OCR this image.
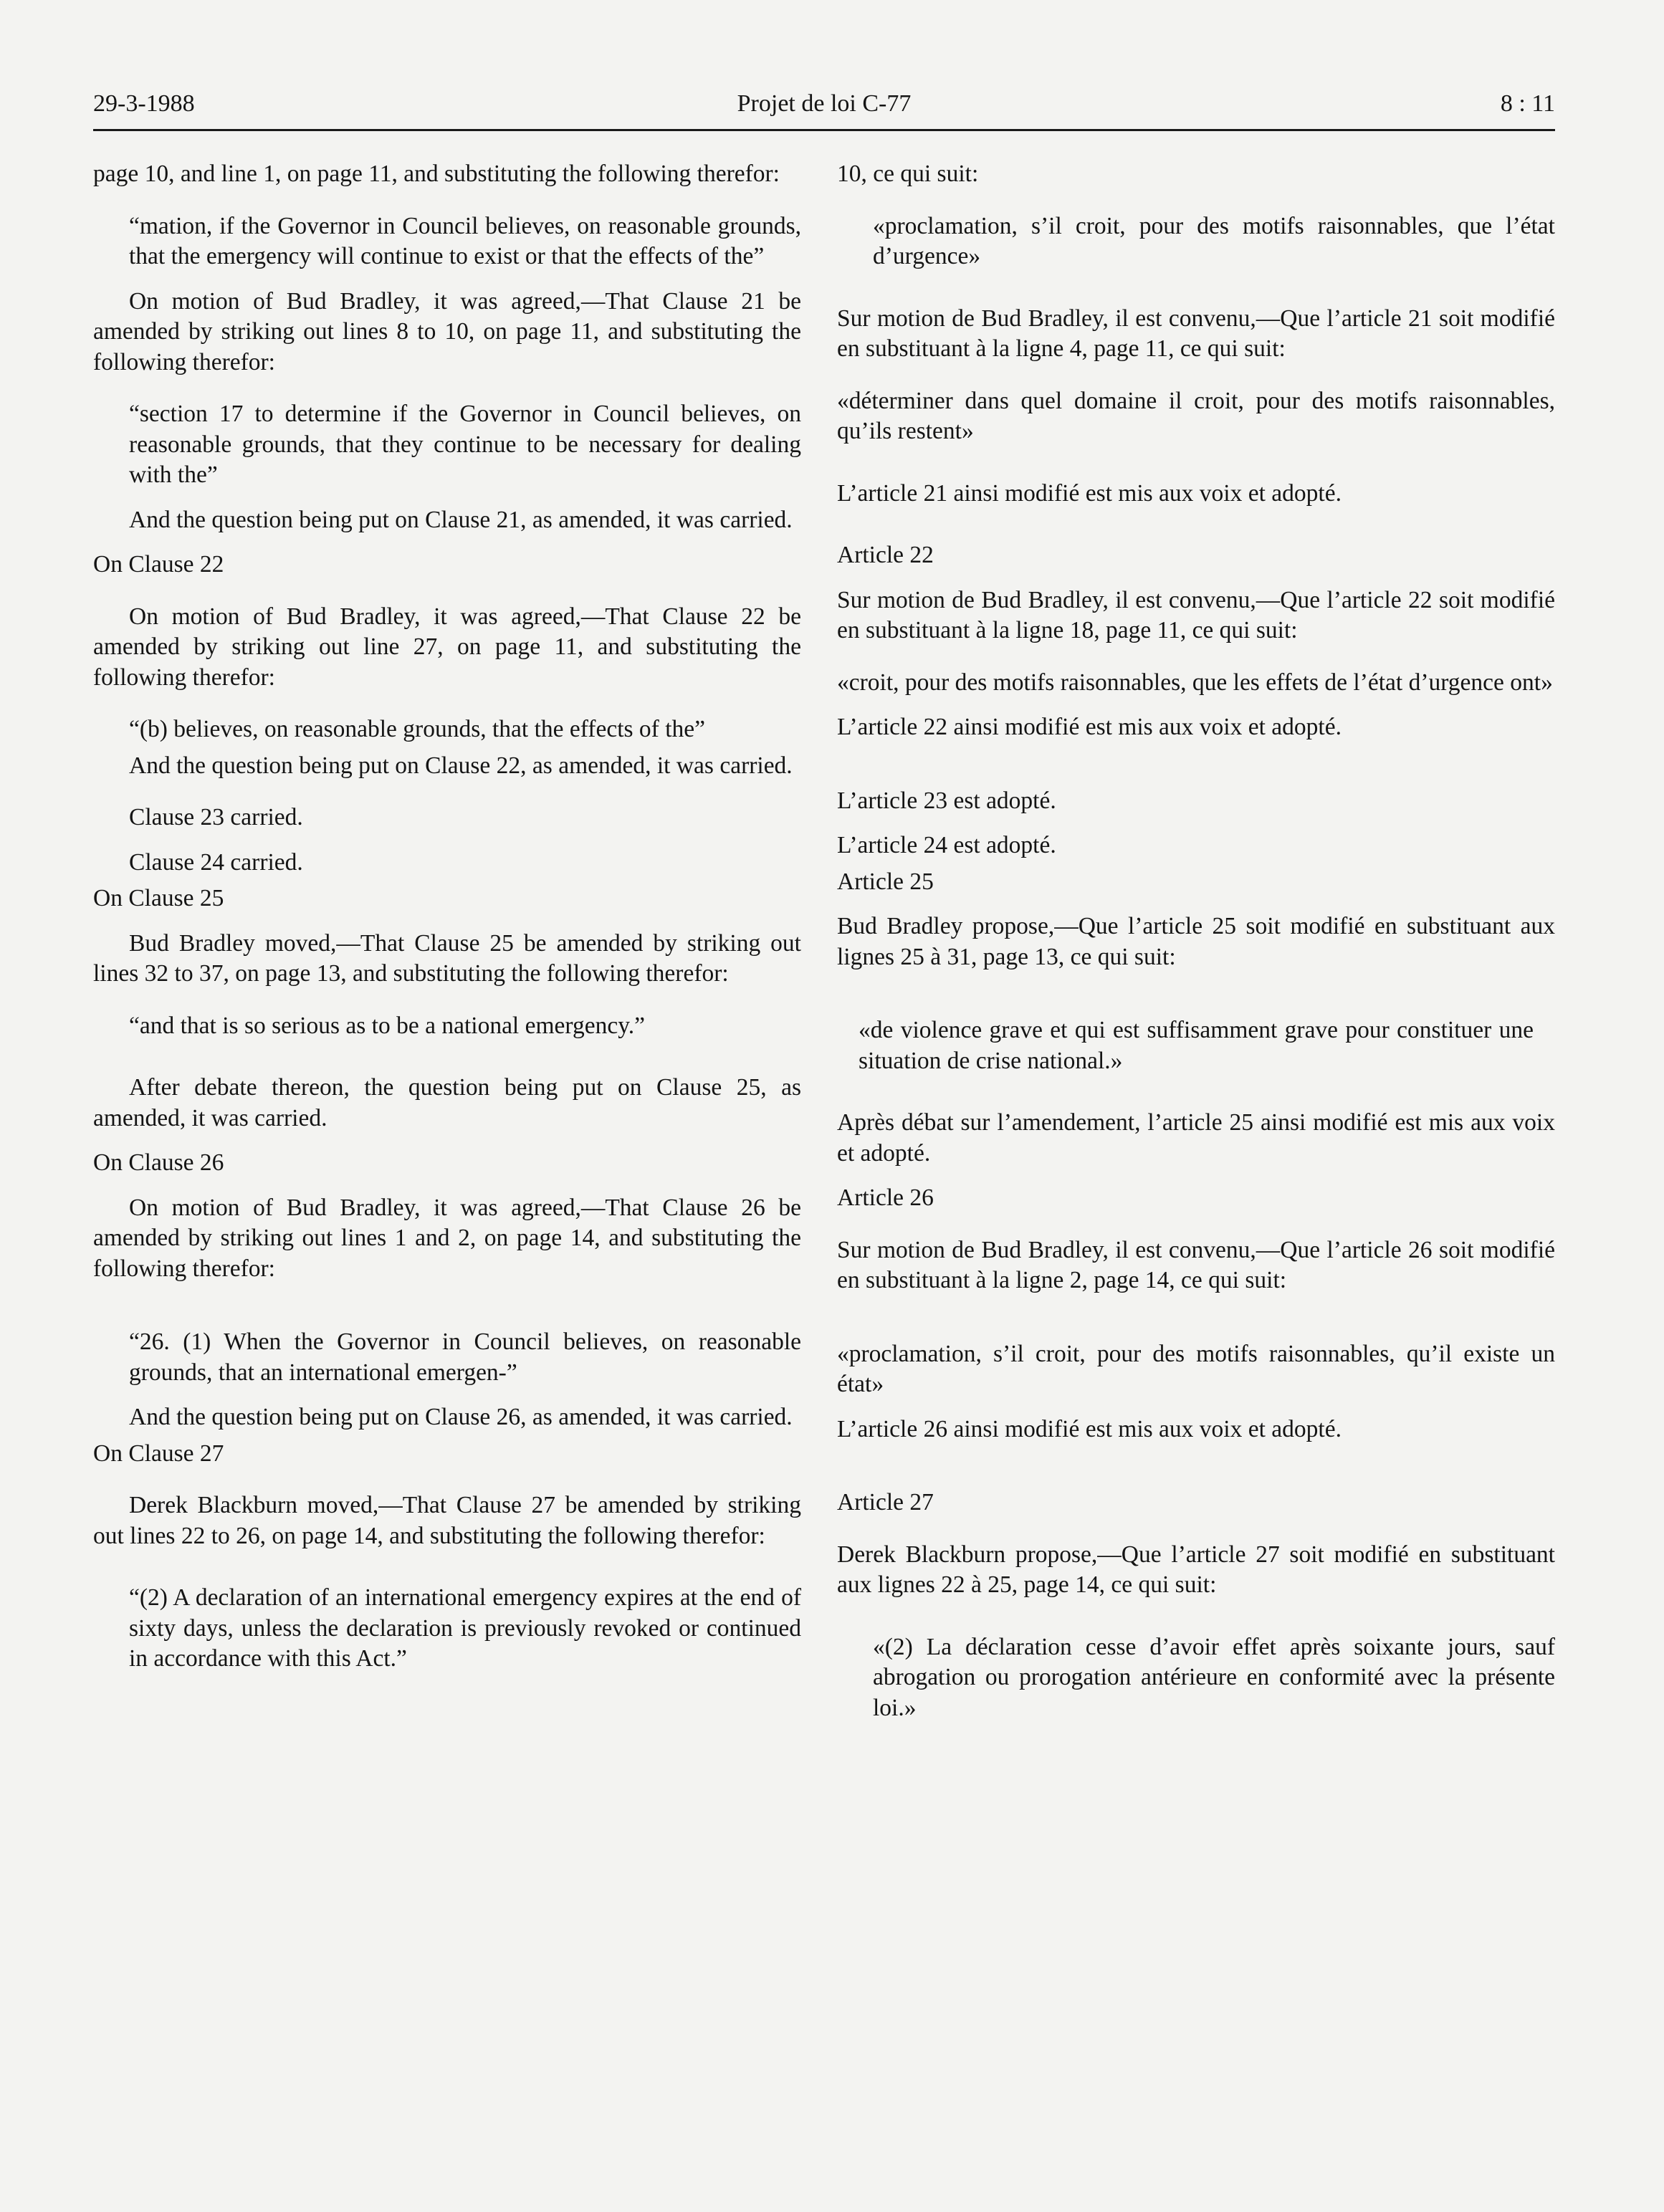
29-3-1988	Projet de loi C-77	8 : 11

page 10, and line 1, on page 11, and substituting the following therefor:

“mation, if the Governor in Council believes, on reasonable grounds, that the emergency will continue to exist or that the effects of the”

On motion of Bud Bradley, it was agreed,—That Clause 21 be amended by striking out lines 8 to 10, on page 11, and substituting the following therefor:

“section 17 to determine if the Governor in Council believes, on reasonable grounds, that they continue to be necessary for dealing with the”

And the question being put on Clause 21, as amended, it was carried.

On Clause 22

On motion of Bud Bradley, it was agreed,—That Clause 22 be amended by striking out line 27, on page 11, and substituting the following therefor:

“(b) believes, on reasonable grounds, that the effects of the”

And the question being put on Clause 22, as amended, it was carried.

Clause 23 carried.

Clause 24 carried.

On Clause 25

Bud Bradley moved,—That Clause 25 be amended by striking out lines 32 to 37, on page 13, and substituting the following therefor:

“and that is so serious as to be a national emergency.”

After debate thereon, the question being put on Clause 25, as amended, it was carried.

On Clause 26

On motion of Bud Bradley, it was agreed,—That Clause 26 be amended by striking out lines 1 and 2, on page 14, and substituting the following therefor:

“26. (1) When the Governor in Council believes, on reasonable grounds, that an international emergen-”

And the question being put on Clause 26, as amended, it was carried.

On Clause 27

Derek Blackburn moved,—That Clause 27 be amended by striking out lines 22 to 26, on page 14, and substituting the following therefor:

“(2) A declaration of an international emergency expires at the end of sixty days, unless the declaration is previously revoked or continued in accordance with this Act.”

10, ce qui suit:

«proclamation, s’il croit, pour des motifs raisonnables, que l’état d’urgence»

Sur motion de Bud Bradley, il est convenu,—Que l’article 21 soit modifié en substituant à la ligne 4, page 11, ce qui suit:

«déterminer dans quel domaine il croit, pour des motifs raisonnables, qu’ils restent»

L’article 21 ainsi modifié est mis aux voix et adopté.

Article 22

Sur motion de Bud Bradley, il est convenu,—Que l’article 22 soit modifié en substituant à la ligne 18, page 11, ce qui suit:

«croit, pour des motifs raisonnables, que les effets de l’état d’urgence ont»

L’article 22 ainsi modifié est mis aux voix et adopté.

L’article 23 est adopté.

L’article 24 est adopté.

Article 25

Bud Bradley propose,—Que l’article 25 soit modifié en substituant aux lignes 25 à 31, page 13, ce qui suit:

«de violence grave et qui est suffisamment grave pour constituer une situation de crise national.»

Après débat sur l’amendement, l’article 25 ainsi modifié est mis aux voix et adopté.

Article 26

Sur motion de Bud Bradley, il est convenu,—Que l’article 26 soit modifié en substituant à la ligne 2, page 14, ce qui suit:

«proclamation, s’il croit, pour des motifs raisonnables, qu’il existe un état»

L’article 26 ainsi modifié est mis aux voix et adopté.

Article 27

Derek Blackburn propose,—Que l’article 27 soit modifié en substituant aux lignes 22 à 25, page 14, ce qui suit:

«(2) La déclaration cesse d’avoir effet après soixante jours, sauf abrogation ou prorogation antérieure en conformité avec la présente loi.»
